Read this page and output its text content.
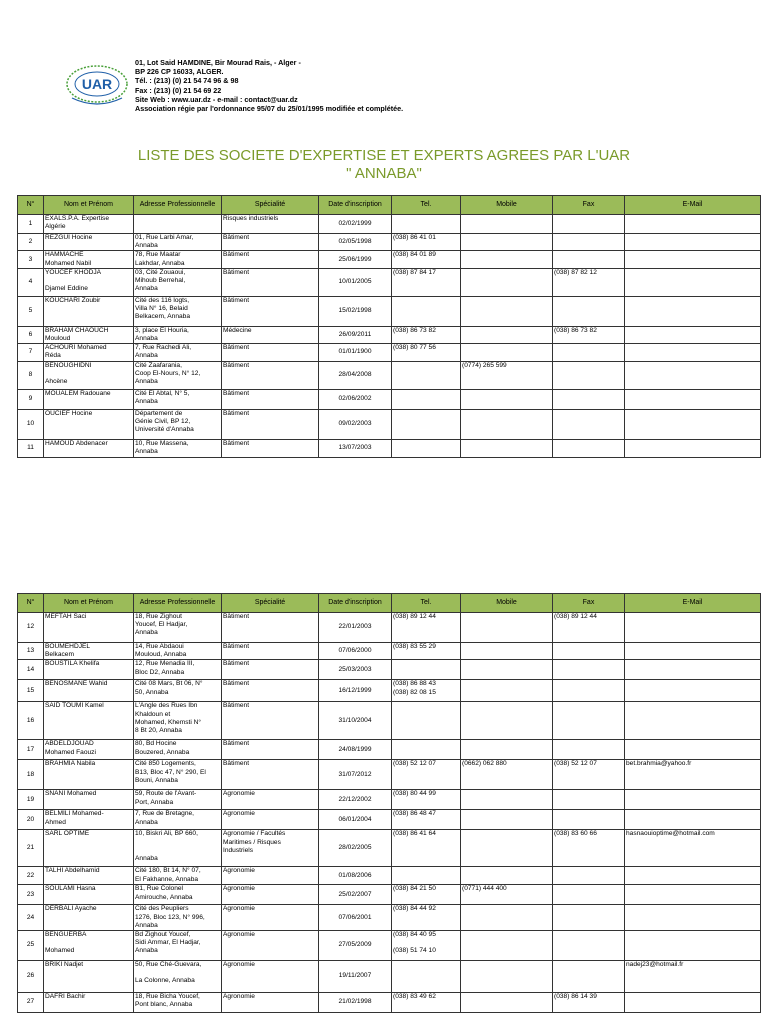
UAR
01, Lot Said HAMDINE, Bir Mourad Rais, - Alger -
BP 226 CP 16033, ALGER.
Tél. : (213) (0) 21 54 74 96 & 98
Fax : (213) (0) 21 54 69 22
Site Web : www.uar.dz - e-mail : contact@uar.dz
Association régie par l'ordonnance 95/07 du 25/01/1995 modifiée et complétée.
LISTE DES SOCIETE D'EXPERTISE ET EXPERTS AGREES PAR L'UAR
" ANNABA"
N°	Nom et Prénom	Adresse Professionnelle	Spécialité	Date d'inscription	Tel.	Mobile	Fax	E-Mail
1	EXALS.P.A. Expertise
Algérie		Risques industriels	02/02/1999				
2	REZGUI Hocine	01, Rue Larbi Amar,
Annaba	Bâtiment	02/05/1998	(038) 86 41 01			

3	HAMMACHE
Mohamed Nabil	78, Rue Maatar
Lakhdar, Annaba	Bâtiment	25/06/1999	(038) 84 01 89			

4	YOUCEF KHODJA

Djamel Eddine	03, Cité Zouaoui,
Mihoub Berrehal,
Annaba	Bâtiment	10/01/2005	(038) 87 84 17		(038) 87 82 12	

5	KOUCHARI Zoubir	Cité des 116 logts,
Villa N° 16, Belaid
Belkacem, Annaba	Bâtiment	15/02/1998				
6	BRAHAM CHAOUCH
Mouloud	3, place El Houria,
Annaba	Médecine	26/09/2011	(038) 86 73 82		(038) 86 73 82	

7	ACHOURI Mohamed
Réda	7, Rue Rachedi Ali,
Annaba	Bâtiment	01/01/1900	(038) 80 77 56			

8	BENOUGHIDNI

Ahcène	Cité Zaafarania,
Coop El-Nours, N° 12,
Annaba	Bâtiment	28/04/2008		(0774) 265 599		

9	MOUALEM Radouane	Cité El Abtal, N° 5,
Annaba	Bâtiment	02/06/2002				
10	OUCIEF Hocine	Département de
Génie Civil, BP 12,
Université d'Annaba	Bâtiment	09/02/2003				
11	HAMOUD Abdenacer	10, Rue Massena,
Annaba	Bâtiment	13/07/2003				
N°	Nom et Prénom	Adresse Professionnelle	Spécialité	Date d'inscription	Tel.	Mobile	Fax	E-Mail
12	MEFTAH Saci	18, Rue Zighout
Youcef, El Hadjar,
Annaba	Bâtiment	22/01/2003	(038) 89 12 44		(038) 89 12 44	

13	BOUMEHDJEL
Belkacem	14, Rue Abdaoui
Mouloud, Annaba	Bâtiment	07/06/2000	(038) 83 55 29			

14	BOUSTILA Khelifa	12, Rue Menadia III,
Bloc D2, Annaba	Bâtiment	25/03/2003				
15	BENOSMANE Wahid	Cité 08 Mars, Bt 06, N°
50, Annaba	Bâtiment	16/12/1999	(038) 86 88 43
(038) 82 08 15			

16	SAID TOUMI Kamel	L'Angle des Rues Ibn
Khaldoun et
Mohamed, Khemsti N°
8 Bt 20, Annaba	Bâtiment	31/10/2004				
17	ABDELDJOUAD
Mohamed Faouzi	80, Bd Hocine
Bouzered, Annaba	Bâtiment	24/08/1999				
18	BRAHMIA Nabila	Cité 850 Logements,
B13, Bloc 47, N° 290, El
Bouni, Annaba	Bâtiment	31/07/2012	(038) 52 12 07	(0662) 062 880	(038) 52 12 07	bet.brahmia@yahoo.fr

19	SNANI Mohamed	59, Route de l'Avant-
Port, Annaba	Agronomie	22/12/2002	(038) 80 44 99			

20	BELMILI Mohamed-
Ahmed	7, Rue de Bretagne,
Annaba	Agronomie	06/01/2004	(038) 86 48 47			

21	SARL OPTIME	10, Biskri Ali, BP 660,

Annaba	Agronomie / Facultés
Maritimes / Risques
Industriels	28/02/2005	(038) 86 41 64		(038) 83 60 66	hasnaouioptime@hotmail.com

22	TALHI Abdelhamid	Cité 180, Bt 14, N° 07,
El Fakhanne, Annaba	Agronomie	01/08/2006				
23	SOULAMI Hasna	B1, Rue Colonel
Amirouche, Annaba	Agronomie	25/02/2007	(038) 84 21 50	(0771) 444 400		

24	DERBALI Ayache	Cité des Peupliers
1276, Bloc 123, N° 996,
Annaba	Agronomie	07/06/2001	(038) 84 44 92			

25	BENGUERBA

Mohamed	Bd Zighout Youcef,
Sidi Ammar, El Hadjar,
Annaba	Agronomie	27/05/2009	(038) 84 40 95

(038) 51 74 10			

26	BRIKI Nadjet	50, Rue Ché-Guevara,

La Colonne, Annaba	Agronomie	19/11/2007				nadej23@hotmail.fr

27	DAFRI Bachir	18, Rue Bicha Youcef,
Pont blanc, Annaba	Agronomie	21/02/1998	(038) 83 49 62		(038) 86 14 39	
